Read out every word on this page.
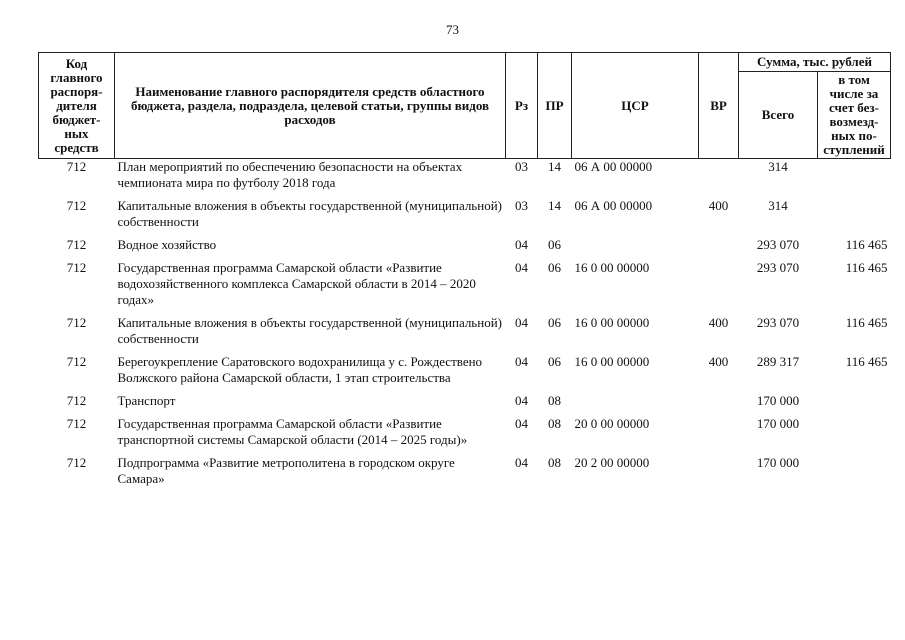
73
Код главного распоря-дителя бюджет-ных средств	Наименование главного распорядителя средств областного бюджета, раздела, подраздела, целевой статьи, группы видов расходов	Рз	ПР	ЦСР	ВР	Сумма, тыс. рублей	
						Всего	в том числе за счет без-возмезд-ных по-ступлений
712	План мероприятий по обеспечению безопасности на объектах чемпионата мира по футболу 2018 года	03	14	06 А 00 00000		314	
712	Капитальные вложения в объекты государственной (муниципальной) собственности	03	14	06 А 00 00000	400	314	
712	Водное хозяйство	04	06			293 070	116 465
712	Государственная программа Самарской области «Развитие водохозяйственного комплекса Самарской области в 2014 – 2020 годах»	04	06	16 0 00 00000		293 070	116 465
712	Капитальные вложения в объекты государственной (муниципальной) собственности	04	06	16 0 00 00000	400	293 070	116 465
712	Берегоукрепление Саратовского водохранилища у с. Рождествено Волжского района Самарской области, 1 этап строительства	04	06	16 0 00 00000	400	289 317	116 465
712	Транспорт	04	08			170 000	
712	Государственная программа Самарской области «Развитие транспортной системы Самарской области (2014 – 2025 годы)»	04	08	20 0 00 00000		170 000	
712	Подпрограмма «Развитие метрополитена в городском округе Самара»	04	08	20 2 00 00000		170 000	
